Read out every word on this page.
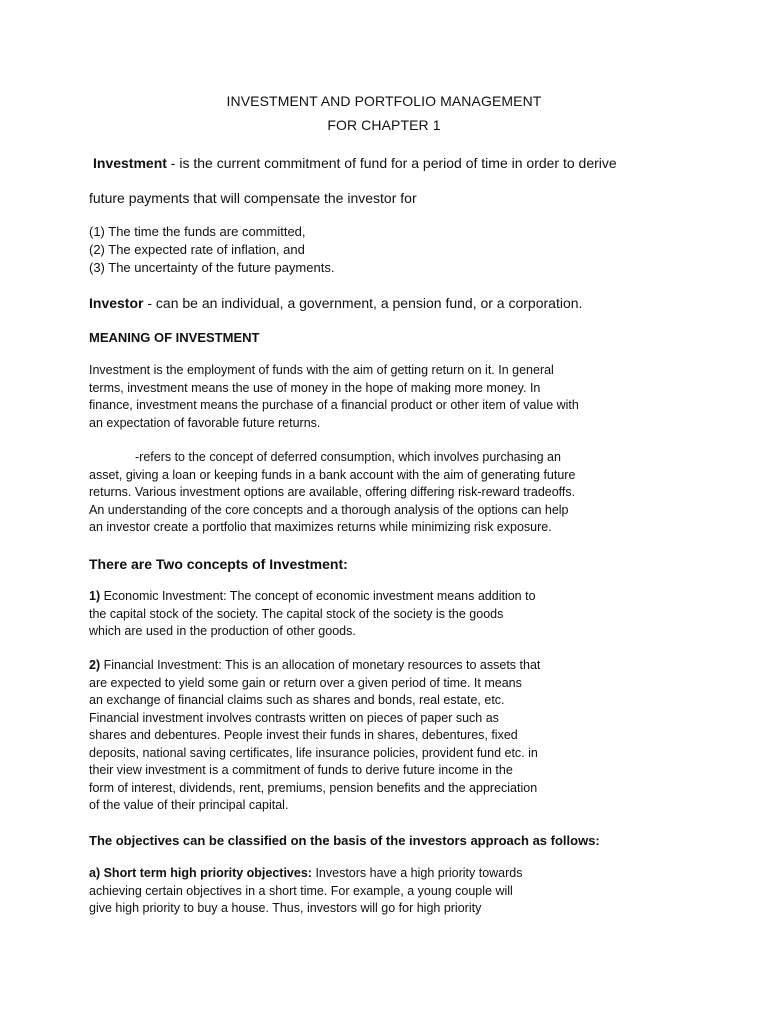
INVESTMENT AND PORTFOLIO MANAGEMENT
FOR CHAPTER 1
Investment - is the current commitment of fund for a period of time in order to derive
future payments that will compensate the investor for
(1) The time the funds are committed,
(2) The expected rate of inflation, and
(3) The uncertainty of the future payments.
Investor - can be an individual, a government, a pension fund, or a corporation.
MEANING OF INVESTMENT
Investment is the employment of funds with the aim of getting return on it. In general
terms, investment means the use of money in the hope of making more money. In
finance, investment means the purchase of a financial product or other item of value with
an expectation of favorable future returns.
-refers to the concept of deferred consumption, which involves purchasing an
asset, giving a loan or keeping funds in a bank account with the aim of generating future
returns. Various investment options are available, offering differing risk-reward tradeoffs.
An understanding of the core concepts and a thorough analysis of the options can help
an investor create a portfolio that maximizes returns while minimizing risk exposure.
There are Two concepts of Investment:
1) Economic Investment: The concept of economic investment means addition to
the capital stock of the society. The capital stock of the society is the goods
which are used in the production of other goods.
2) Financial Investment: This is an allocation of monetary resources to assets that
are expected to yield some gain or return over a given period of time. It means
an exchange of financial claims such as shares and bonds, real estate, etc.
Financial investment involves contrasts written on pieces of paper such as
shares and debentures. People invest their funds in shares, debentures, fixed
deposits, national saving certificates, life insurance policies, provident fund etc. in
their view investment is a commitment of funds to derive future income in the
form of interest, dividends, rent, premiums, pension benefits and the appreciation
of the value of their principal capital.
The objectives can be classified on the basis of the investors approach as follows:
a) Short term high priority objectives: Investors have a high priority towards
achieving certain objectives in a short time. For example, a young couple will
give high priority to buy a house. Thus, investors will go for high priority
